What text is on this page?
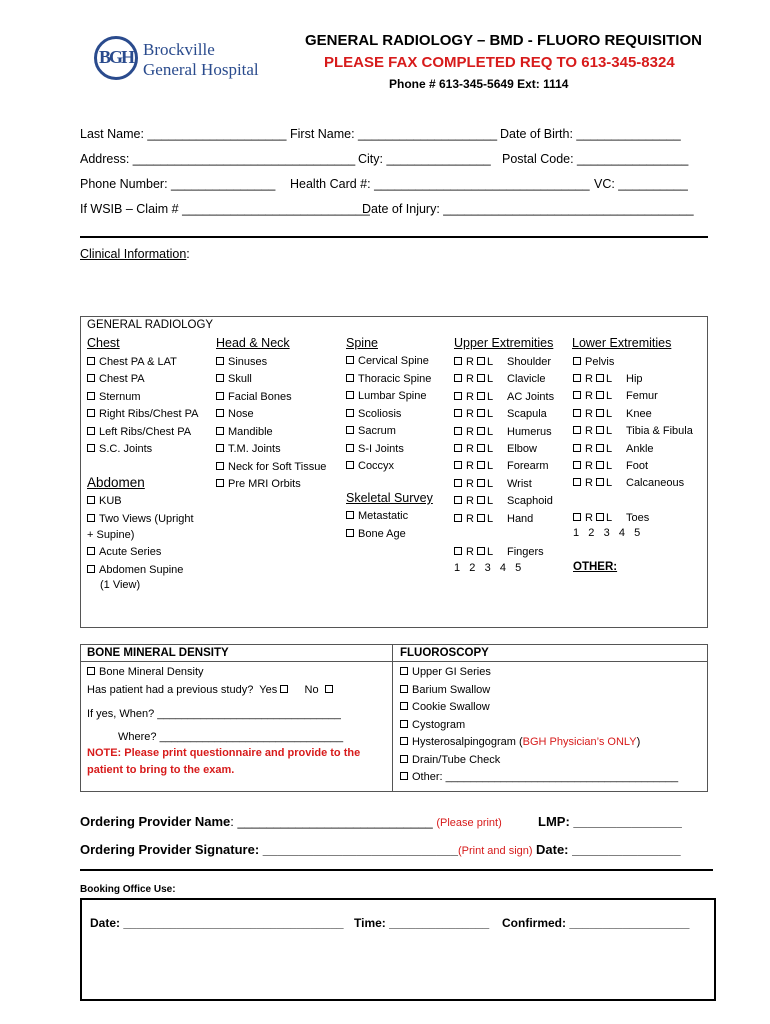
BGH Brockville
General Hospital
GENERAL RADIOLOGY – BMD - FLUORO REQUISITION
PLEASE FAX COMPLETED REQ TO 613-345-8324
Phone # 613-345-5649 Ext: 1114
Last Name: ____________________ First Name: ____________________ Date of Birth: _______________
Address: ________________________________ City: _______________ Postal Code: ________________
Phone Number: _______________ Health Card #: _______________________________ VC: __________
If WSIB – Claim # ___________________________
Date of Injury: ____________________________________
Clinical Information:
GENERAL RADIOLOGY
Chest
Chest PA & LAT
Chest PA
Sternum
Right Ribs/Chest PA
Left Ribs/Chest PA
S.C. Joints
Abdomen
KUB
Two Views (Upright
+ Supine)
Acute Series
Abdomen Supine
(1 View)
Head & Neck
Sinuses
Skull
Facial Bones
Nose
Mandible
T.M. Joints
Neck for Soft Tissue
Pre MRI Orbits
Spine
Cervical Spine
Thoracic Spine
Lumbar Spine
Scoliosis
Sacrum
S-I Joints
Coccyx
Skeletal Survey
Metastatic
Bone Age
Upper Extremities
R L Shoulder
R L Clavicle
R L AC Joints
R L Scapula
R L Humerus
R L Elbow
R L Forearm
R L Wrist
R L Scaphoid
R L Hand
R L Fingers
1   2   3   4   5
Lower Extremities
Pelvis
R L Hip
R L Femur
R L Knee
R L Tibia & Fibula
R L Ankle
R L Foot
R L Calcaneous
R L Toes
1   2   3   4   5
OTHER:
BONE MINERAL DENSITY
Bone Mineral Density
Has patient had a previous study? Yes No
If yes, When? ______________________________
Where? ______________________________
NOTE: Please print questionnaire and provide to the
patient to bring to the exam.
FLUOROSCOPY
Upper GI Series
Barium Swallow
Cookie Swallow
Cystogram
Hysterosalpingogram (BGH Physician’s ONLY)
Drain/Tube Check
Other: ______________________________________
Ordering Provider Name: ___________________________ (Please print)	LMP: _______________
Ordering Provider Signature: ___________________________(Print and sign) Date: _______________
Booking Office Use:
Date: _________________________________ Time: _______________ Confirmed: __________________
